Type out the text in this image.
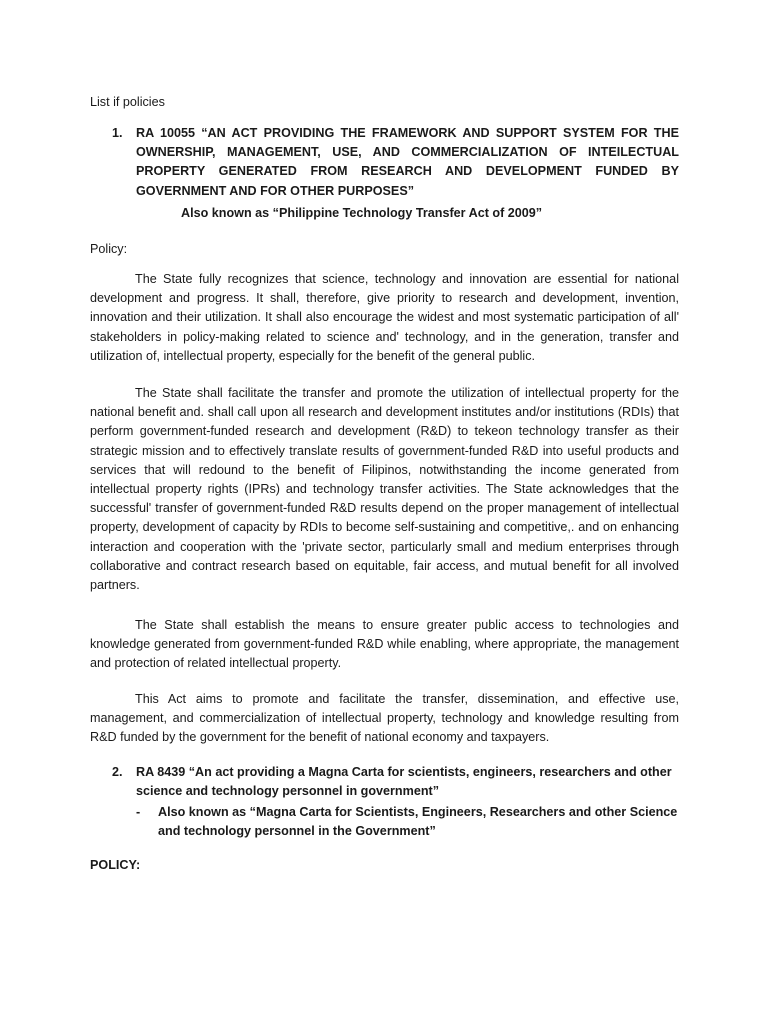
List if policies
1. RA 10055 “AN ACT PROVIDING THE FRAMEWORK AND SUPPORT SYSTEM FOR THE OWNERSHIP, MANAGEMENT, USE, AND COMMERCIALIZATION OF INTEILECTUAL PROPERTY GENERATED FROM RESEARCH AND DEVELOPMENT FUNDED BY GOVERNMENT AND FOR OTHER PURPOSES”

Also known as “Philippine Technology Transfer Act of 2009”
Policy:

The State fully recognizes that science, technology and innovation are essential for national development and progress. It shall, therefore, give priority to research and development, invention, innovation and their utilization. It shall also encourage the widest and most systematic participation of all' stakeholders in policy-making related to science and' technology, and in the generation, transfer and utilization of, intellectual property, especially for the benefit of the general public.

The State shall facilitate the transfer and promote the utilization of intellectual property for the national benefit and. shall call upon all research and development institutes and/or institutions (RDIs) that perform government-funded research and development (R&D) to tekeon technology transfer as their strategic mission and to effectively translate results of government-funded R&D into useful products and services that will redound to the benefit of Filipinos, notwithstanding the income generated from intellectual property rights (IPRs) and technology transfer activities. The State acknowledges that the successful' transfer of government-funded R&D results depend on the proper management of intellectual property, development of capacity by RDIs to become self-sustaining and competitive,. and on enhancing interaction and cooperation with the 'private sector, particularly small and medium enterprises through collaborative and contract research based on equitable, fair access, and mutual benefit for all involved partners.

The State shall establish the means to ensure greater public access to technologies and knowledge generated from government-funded R&D while enabling, where appropriate, the management and protection of related intellectual property.

This Act aims to promote and facilitate the transfer, dissemination, and effective use, management, and commercialization of intellectual property, technology and knowledge resulting from R&D funded by the government for the benefit of national economy and taxpayers.

2. RA 8439 “An act providing a Magna Carta for scientists, engineers, researchers and other science and technology personnel in government”

- Also known as “Magna Carta for Scientists, Engineers, Researchers and other Science and technology personnel in the Government”

POLICY:
